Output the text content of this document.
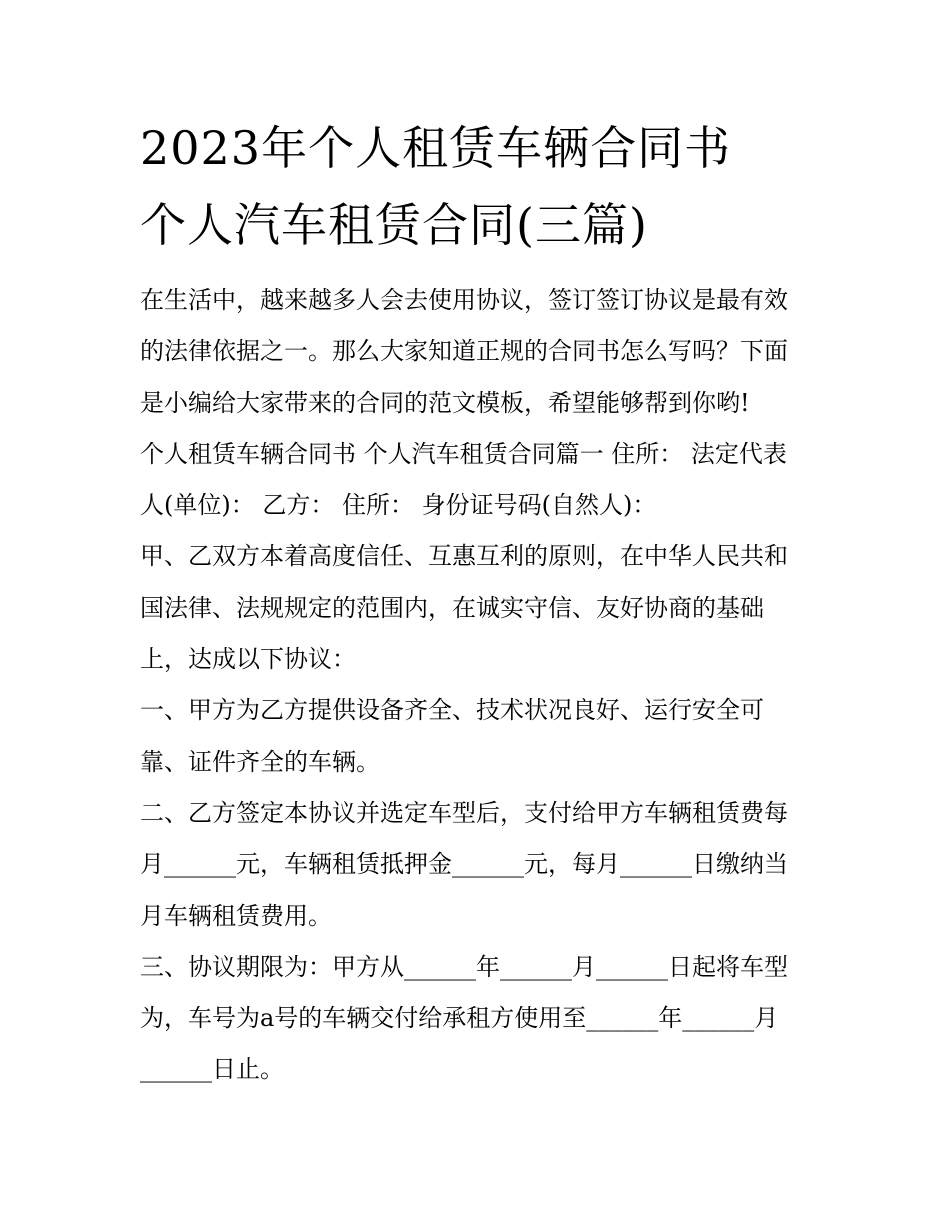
2023年个人租赁车辆合同书
个人汽车租赁合同(三篇)
在生活中，越来越多人会去使用协议，签订签订协议是最有效
的法律依据之一。那么大家知道正规的合同书怎么写吗？下面
是小编给大家带来的合同的范文模板，希望能够帮到你哟!
个人租赁车辆合同书 个人汽车租赁合同篇一 住所： 法定代表
人(单位)： 乙方： 住所： 身份证号码(自然人)：
甲、乙双方本着高度信任、互惠互利的原则，在中华人民共和
国法律、法规规定的范围内，在诚实守信、友好协商的基础
上，达成以下协议：
一、甲方为乙方提供设备齐全、技术状况良好、运行安全可
靠、证件齐全的车辆。
二、乙方签定本协议并选定车型后，支付给甲方车辆租赁费每
月______元，车辆租赁抵押金______元，每月______日缴纳当
月车辆租赁费用。
三、协议期限为：甲方从______年______月______日起将车型
为，车号为a号的车辆交付给承租方使用至______年______月
______日止。
